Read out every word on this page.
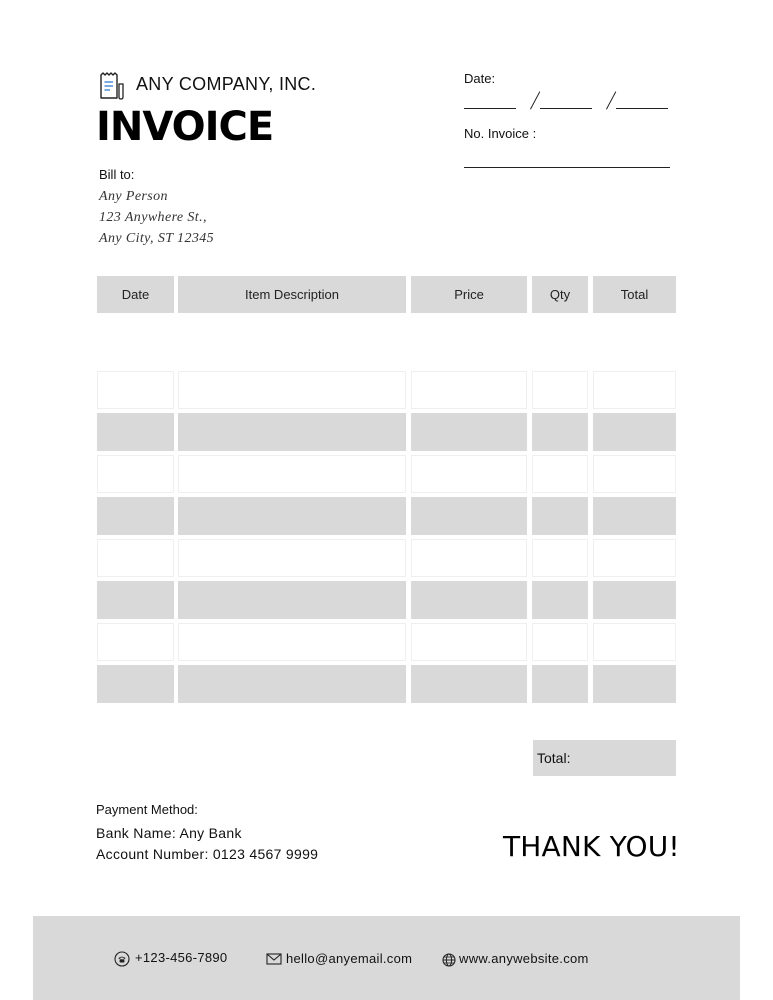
ANY COMPANY, INC.
INVOICE
Date:
No. Invoice :
Bill to:
Any Person
123 Anywhere St.,
Any City, ST 12345
Date	Item Description	Price	Qty	Total
Total:
Payment Method:
Bank Name: Any Bank
Account Number: 0123 4567 9999	THANK YOU!
+123-456-7890	hello@anyemail.com	www.anywebsite.com
